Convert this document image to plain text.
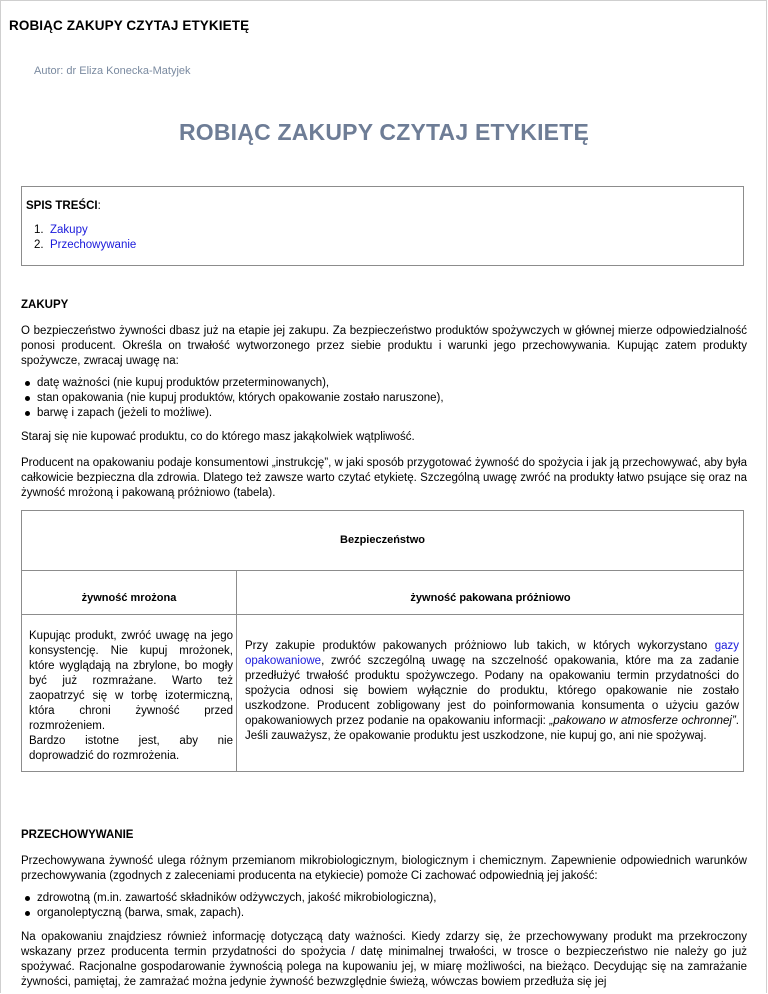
ROBIĄC ZAKUPY CZYTAJ ETYKIETĘ
Autor: dr Eliza Konecka-Matyjek
ROBIĄC ZAKUPY CZYTAJ ETYKIETĘ
SPIS TREŚCI:
1. Zakupy
2. Przechowywanie
ZAKUPY

O bezpieczeństwo żywności dbasz już na etapie jej zakupu. Za bezpieczeństwo produktów spożywczych w głównej mierze odpowiedzialność ponosi producent. Określa on trwałość wytworzonego przez siebie produktu i warunki jego przechowywania. Kupując zatem produkty spożywcze, zwracaj uwagę na:

datę ważności (nie kupuj produktów przeterminowanych),
stan opakowania (nie kupuj produktów, których opakowanie zostało naruszone),
barwę i zapach (jeżeli to możliwe).

Staraj się nie kupować produktu, co do którego masz jakąkolwiek wątpliwość.

Producent na opakowaniu podaje konsumentowi „instrukcję”, w jaki sposób przygotować żywność do spożycia i jak ją przechowywać, aby była całkowicie bezpieczna dla zdrowia. Dlatego też zawsze warto czytać etykietę. Szczególną uwagę zwróć na produkty łatwo psujące się oraz na żywność mrożoną i pakowaną próżniowo (tabela).

Bezpieczeństwo
żywność mrożona	żywność pakowana próżniowo

Kupując produkt, zwróć uwagę na jego konsystencję. Nie kupuj mrożonek, które wyglądają na zbrylone, bo mogły być już rozmrażane. Warto też zaopatrzyć się w torbę izotermiczną, która chroni żywność przed rozmrożeniem.

Bardzo istotne jest, aby nie doprowadzić do rozmrożenia.

Przy zakupie produktów pakowanych próżniowo lub takich, w których wykorzystano gazy opakowaniowe, zwróć szczególną uwagę na szczelność opakowania, które ma za zadanie przedłużyć trwałość produktu spożywczego. Podany na opakowaniu termin przydatności do spożycia odnosi się bowiem wyłącznie do produktu, którego opakowanie nie zostało uszkodzone. Producent zobligowany jest do poinformowania konsumenta o użyciu gazów opakowaniowych przez podanie na opakowaniu informacji: „pakowano w atmosferze ochronnej”. Jeśli zauważysz, że opakowanie produktu jest uszkodzone, nie kupuj go, ani nie spożywaj.

PRZECHOWYWANIE

Przechowywana żywność ulega różnym przemianom mikrobiologicznym, biologicznym i chemicznym. Zapewnienie odpowiednich warunków przechowywania (zgodnych z zaleceniami producenta na etykiecie) pomoże Ci zachować odpowiednią jej jakość:

zdrowotną (m.in. zawartość składników odżywczych, jakość mikrobiologiczna),
organoleptyczną (barwa, smak, zapach).

Na opakowaniu znajdziesz również informację dotyczącą daty ważności. Kiedy zdarzy się, że przechowywany produkt ma przekroczony wskazany przez producenta termin przydatności do spożycia / datę minimalnej trwałości, w trosce o bezpieczeństwo nie należy go już spożywać. Racjonalne gospodarowanie żywnością polega na kupowaniu jej, w miarę możliwości, na bieżąco. Decydując się na zamrażanie żywności, pamiętaj, że zamrażać można jedynie żywność bezwzględnie świeżą, wówczas bowiem przedłuża się jej
